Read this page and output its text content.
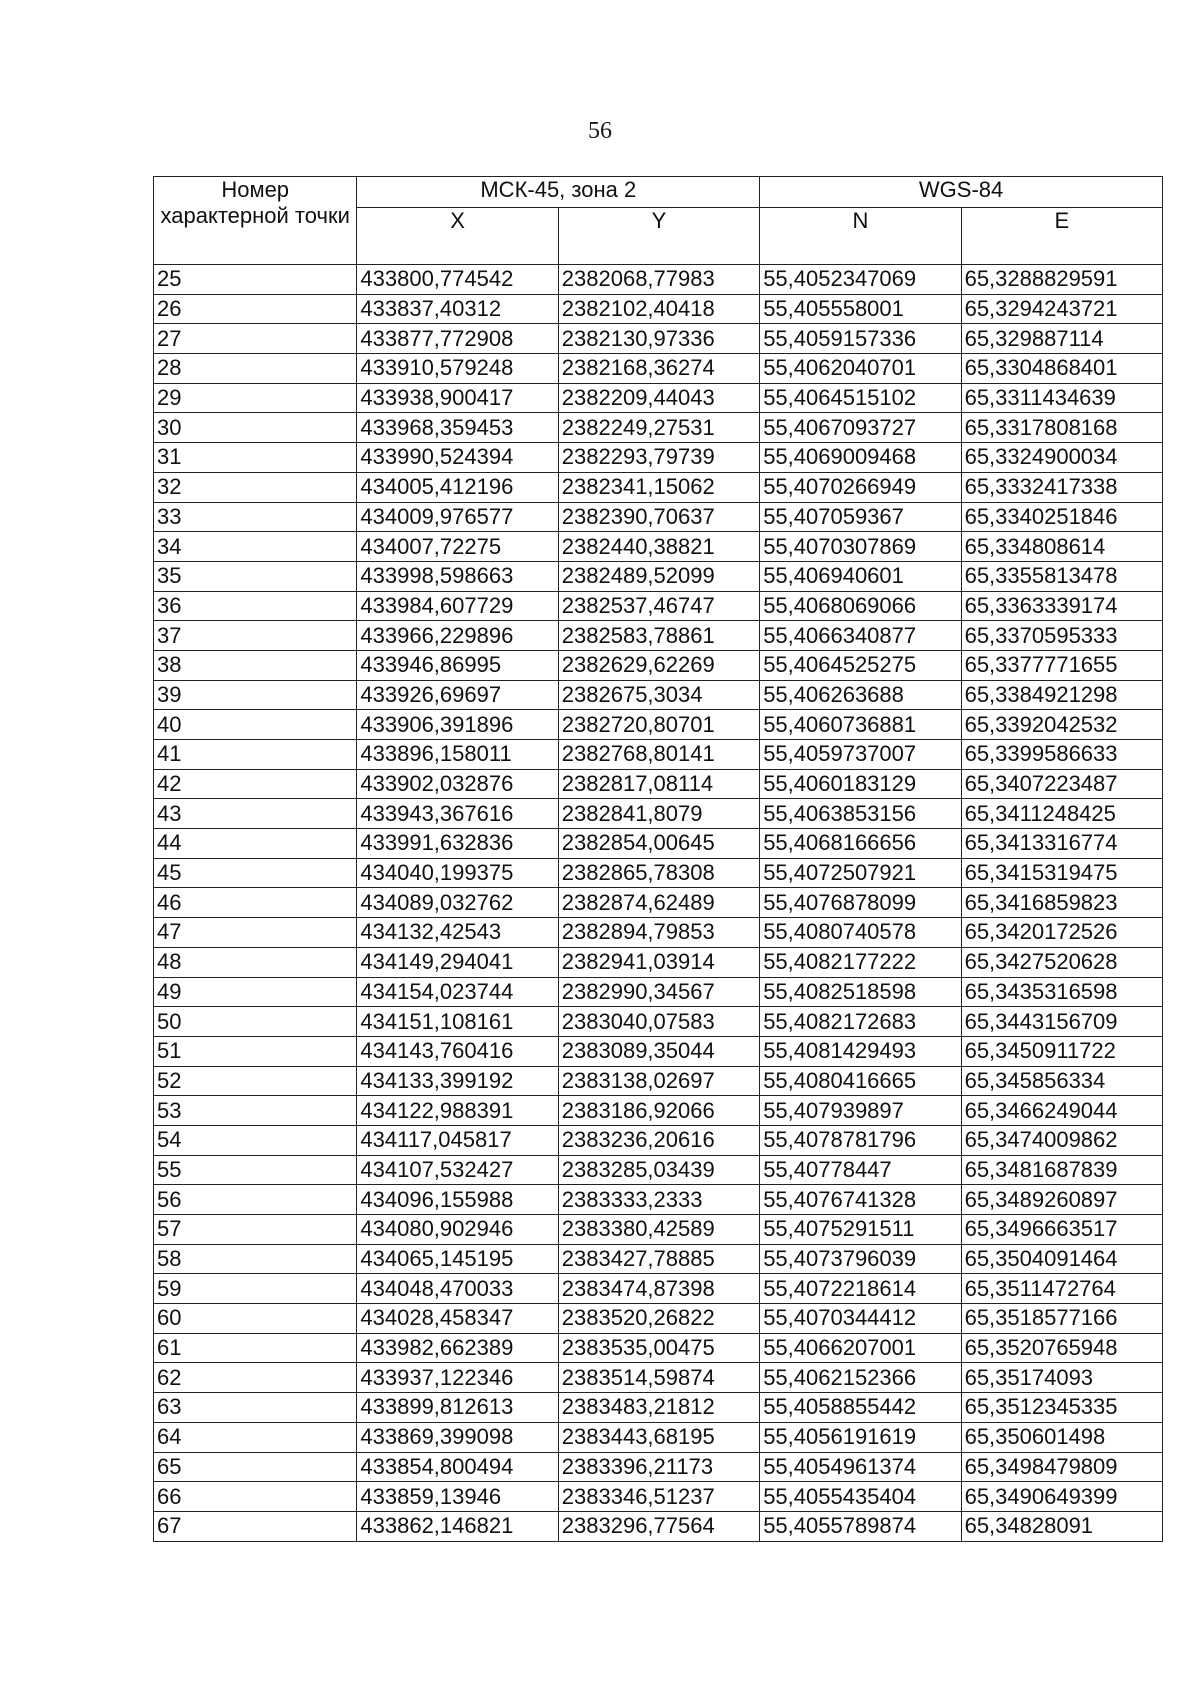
56
Номер характерной точки	МСК-45, зона 2		WGS-84	
	X	Y	N	E
25	433800,774542	2382068,77983	55,4052347069	65,3288829591
26	433837,40312	2382102,40418	55,405558001	65,3294243721
27	433877,772908	2382130,97336	55,4059157336	65,329887114
28	433910,579248	2382168,36274	55,4062040701	65,3304868401
29	433938,900417	2382209,44043	55,4064515102	65,3311434639
30	433968,359453	2382249,27531	55,4067093727	65,3317808168
31	433990,524394	2382293,79739	55,4069009468	65,3324900034
32	434005,412196	2382341,15062	55,4070266949	65,3332417338
33	434009,976577	2382390,70637	55,407059367	65,3340251846
34	434007,72275	2382440,38821	55,4070307869	65,334808614
35	433998,598663	2382489,52099	55,406940601	65,3355813478
36	433984,607729	2382537,46747	55,4068069066	65,3363339174
37	433966,229896	2382583,78861	55,4066340877	65,3370595333
38	433946,86995	2382629,62269	55,4064525275	65,3377771655
39	433926,69697	2382675,3034	55,406263688	65,3384921298
40	433906,391896	2382720,80701	55,4060736881	65,3392042532
41	433896,158011	2382768,80141	55,4059737007	65,3399586633
42	433902,032876	2382817,08114	55,4060183129	65,3407223487
43	433943,367616	2382841,8079	55,4063853156	65,3411248425
44	433991,632836	2382854,00645	55,4068166656	65,3413316774
45	434040,199375	2382865,78308	55,4072507921	65,3415319475
46	434089,032762	2382874,62489	55,4076878099	65,3416859823
47	434132,42543	2382894,79853	55,4080740578	65,3420172526
48	434149,294041	2382941,03914	55,4082177222	65,3427520628
49	434154,023744	2382990,34567	55,4082518598	65,3435316598
50	434151,108161	2383040,07583	55,4082172683	65,3443156709
51	434143,760416	2383089,35044	55,4081429493	65,3450911722
52	434133,399192	2383138,02697	55,4080416665	65,345856334
53	434122,988391	2383186,92066	55,407939897	65,3466249044
54	434117,045817	2383236,20616	55,4078781796	65,3474009862
55	434107,532427	2383285,03439	55,40778447	65,3481687839
56	434096,155988	2383333,2333	55,4076741328	65,3489260897
57	434080,902946	2383380,42589	55,4075291511	65,3496663517
58	434065,145195	2383427,78885	55,4073796039	65,3504091464
59	434048,470033	2383474,87398	55,4072218614	65,3511472764
60	434028,458347	2383520,26822	55,4070344412	65,3518577166
61	433982,662389	2383535,00475	55,4066207001	65,3520765948
62	433937,122346	2383514,59874	55,4062152366	65,35174093
63	433899,812613	2383483,21812	55,4058855442	65,3512345335
64	433869,399098	2383443,68195	55,4056191619	65,350601498
65	433854,800494	2383396,21173	55,4054961374	65,3498479809
66	433859,13946	2383346,51237	55,4055435404	65,3490649399
67	433862,146821	2383296,77564	55,4055789874	65,34828091
